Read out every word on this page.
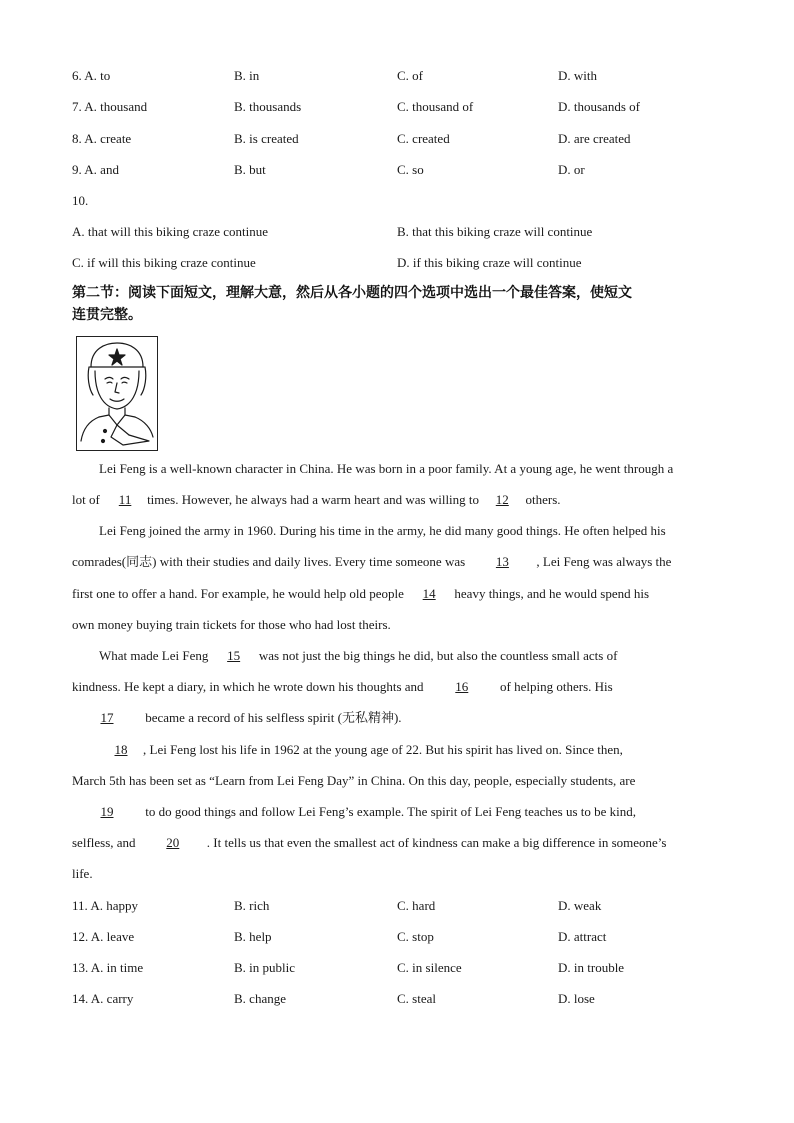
6. A. to	B. in	C. of	D. with
7. A. thousand	B. thousands	C. thousand of	D. thousands of
8. A. create	B. is created	C. created	D. are created
9. A. and	B. but	C. so	D. or
10.
A. that will this biking craze continue	B. that this biking craze will continue
C. if will this biking craze continue	D. if this biking craze will continue
第二节：阅读下面短文，理解大意，然后从各小题的四个选项中选出一个最佳答案，使短文
连贯完整。
Lei Feng is a well-known character in China. He was born in a poor family. At a young age, he went through a
lot of 11 times. However, he always had a warm heart and was willing to 12 others.
Lei Feng joined the army in 1960. During his time in the army, he did many good things. He often helped his
comrades(同志) with their studies and daily lives. Every time someone was 13 , Lei Feng was always the
first one to offer a hand. For example, he would help old people 14 heavy things, and he would spend his
own money buying train tickets for those who had lost theirs.
What made Lei Feng 15 was not just the big things he did, but also the countless small acts of
kindness. He kept a diary, in which he wrote down his thoughts and 16 of helping others. His
17 became a record of his selfless spirit (无私精神).
18 , Lei Feng lost his life in 1962 at the young age of 22. But his spirit has lived on. Since then,
March 5th has been set as “Learn from Lei Feng Day” in China. On this day, people, especially students, are
19 to do good things and follow Lei Feng’s example. The spirit of Lei Feng teaches us to be kind,
selfless, and 20 . It tells us that even the smallest act of kindness can make a big difference in someone’s
life.
11. A. happy	B. rich	C. hard	D. weak
12. A. leave	B. help	C. stop	D. attract
13. A. in time	B. in public	C. in silence	D. in trouble
14. A. carry	B. change	C. steal	D. lose
